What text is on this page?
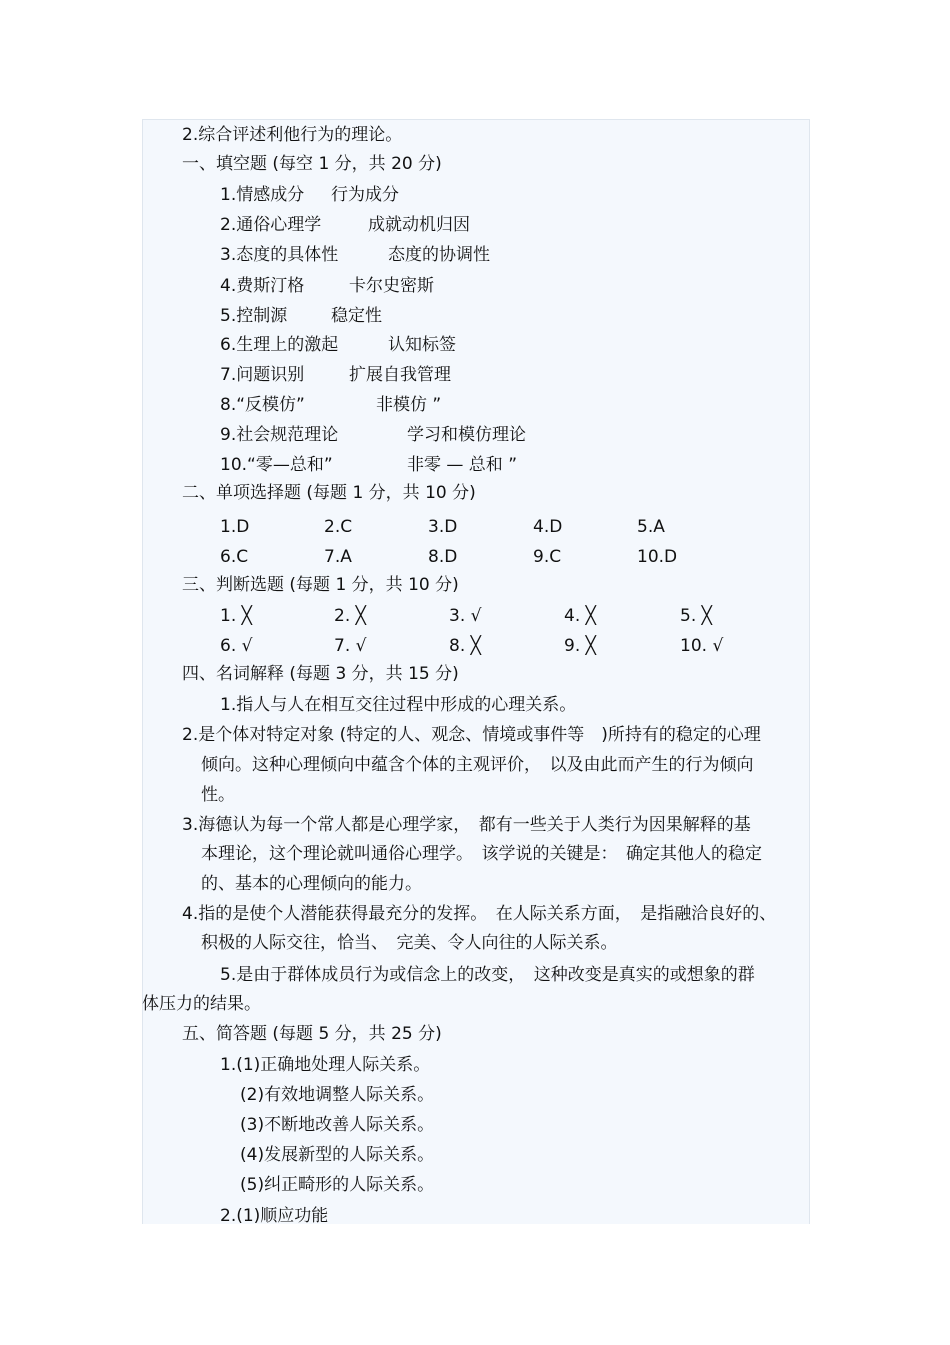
2.综合评述利他行为的理论。
一、填空题 (每空 1 分，共 20 分)
1.情感成分 行为成分
2.通俗心理学	成就动机归因
3.态度的具体性	态度的协调性
4.费斯汀格	卡尔史密斯
5.控制源	稳定性
6.生理上的激起	认知标签
7.问题识别	扩展自我管理
8.“反模仿”	非模仿 ”
9.社会规范理论	学习和模仿理论
10.“零—总和”	非零 — 总和 ”
二、单项选择题 (每题 1 分，共 10 分)
1.D	2.C	3.D	4.D	5.A
6.C	7.A	8.D	9.C	10.D
三、判断选题 (每题 1 分，共 10 分)
1. ╳	2. ╳	3. √	4. ╳	5. ╳
6. √	7. √	8. ╳	9. ╳	10. √
四、名词解释 (每题 3 分，共 15 分)
1.指人与人在相互交往过程中形成的心理关系。
2.是个体对特定对象 (特定的人、观念、情境或事件等　)所持有的稳定的心理
倾向。这种心理倾向中蕴含个体的主观评价，　以及由此而产生的行为倾向
性。
3.海德认为每一个常人都是心理学家，　都有一些关于人类行为因果解释的基
本理论，这个理论就叫通俗心理学。　该学说的关键是：　确定其他人的稳定
的、基本的心理倾向的能力。
4.指的是使个人潜能获得最充分的发挥。　在人际关系方面，　是指融洽良好的、
积极的人际交往，恰当、　完美、令人向往的人际关系。
5.是由于群体成员行为或信念上的改变，　这种改变是真实的或想象的群
体压力的结果。
五、简答题 (每题 5 分，共 25 分)
1.(1)正确地处理人际关系。
(2)有效地调整人际关系。
(3)不断地改善人际关系。
(4)发展新型的人际关系。
(5)纠正畸形的人际关系。
2.(1)顺应功能
